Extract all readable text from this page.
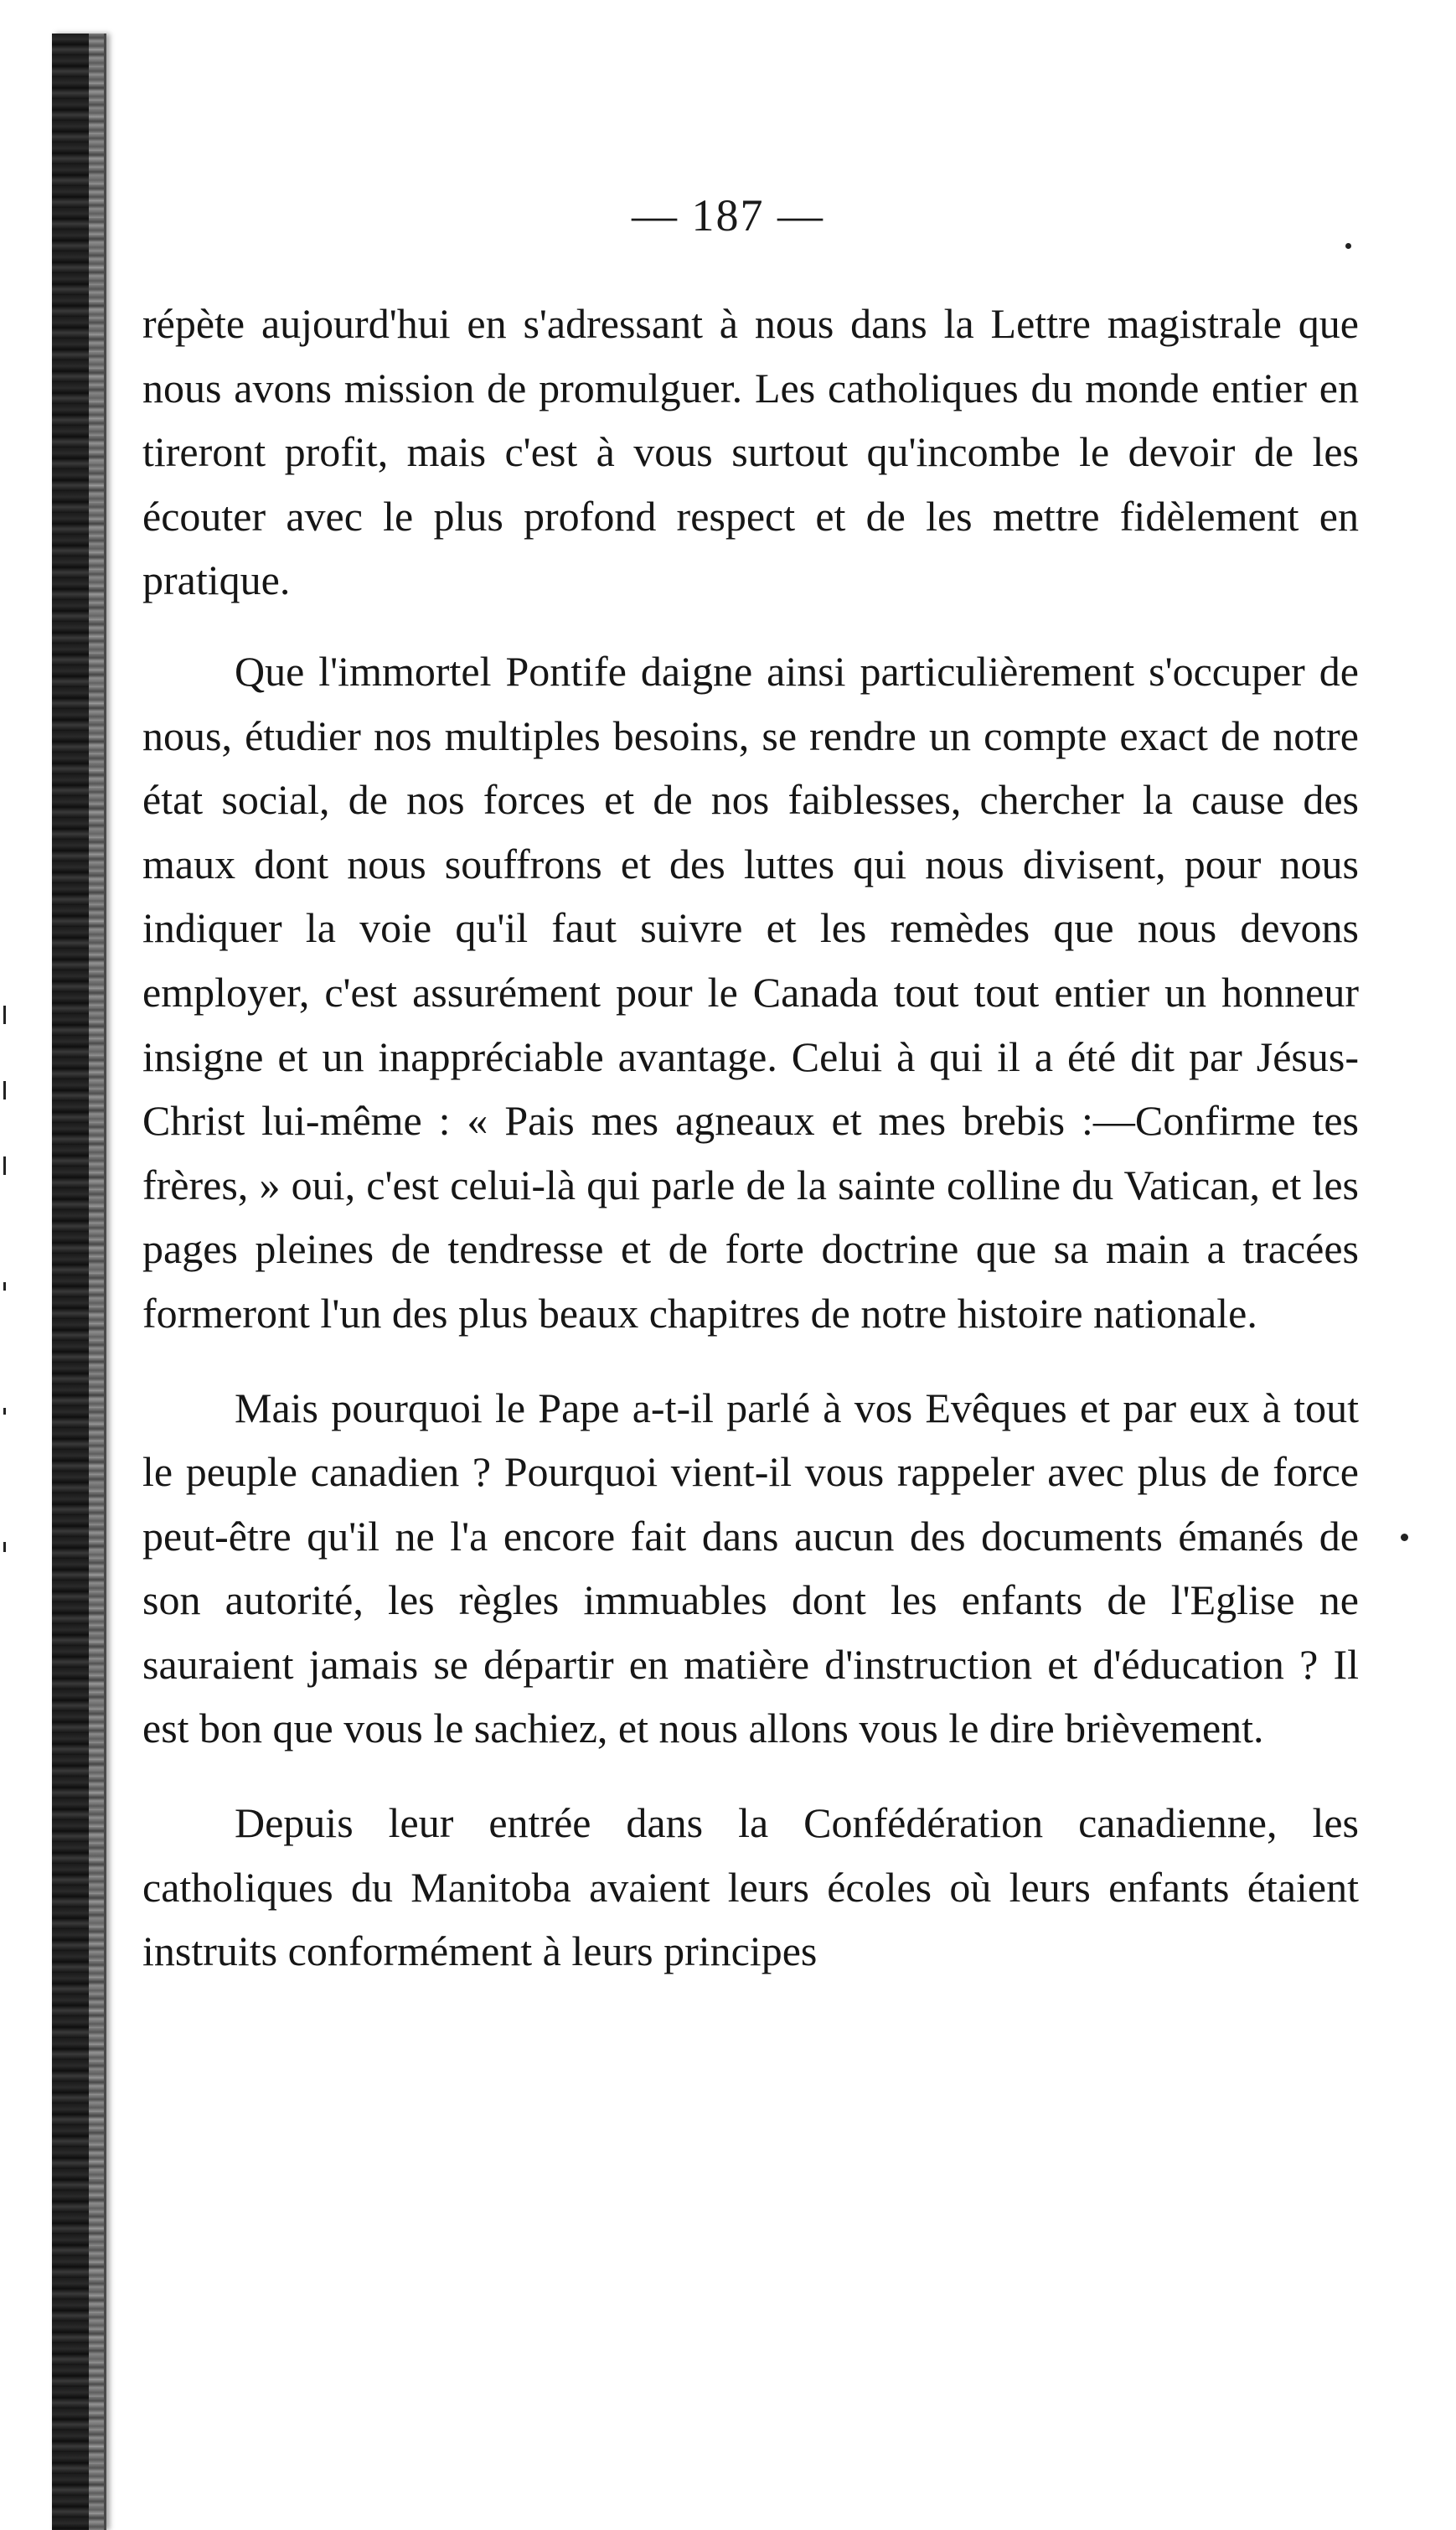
— 187 —

répète aujourd'hui en s'adressant à nous dans la Lettre magistrale que nous avons mission de promulguer. Les catholiques du monde entier en tireront profit, mais c'est à vous surtout qu'incombe le devoir de les écouter avec le plus profond respect et de les mettre fidèlement en pratique.

Que l'immortel Pontife daigne ainsi particulièrement s'occuper de nous, étudier nos multiples besoins, se rendre un compte exact de notre état social, de nos forces et de nos faiblesses, chercher la cause des maux dont nous souffrons et des luttes qui nous divisent, pour nous indiquer la voie qu'il faut suivre et les remèdes que nous devons employer, c'est assurément pour le Canada tout tout entier un honneur insigne et un inappréciable avantage. Celui à qui il a été dit par Jésus-Christ lui-même : « Pais mes agneaux et mes brebis :—Confirme tes frères, » oui, c'est celui-là qui parle de la sainte colline du Vatican, et les pages pleines de tendresse et de forte doctrine que sa main a tracées formeront l'un des plus beaux chapitres de notre histoire nationale.

Mais pourquoi le Pape a-t-il parlé à vos Evêques et par eux à tout le peuple canadien ? Pourquoi vient-il vous rappeler avec plus de force peut-être qu'il ne l'a encore fait dans aucun des documents émanés de son autorité, les règles immuables dont les enfants de l'Eglise ne sauraient jamais se départir en matière d'instruction et d'éducation ? Il est bon que vous le sachiez, et nous allons vous le dire brièvement.

Depuis leur entrée dans la Confédération canadienne, les catholiques du Manitoba avaient leurs écoles où leurs enfants étaient instruits conformément à leurs principes
